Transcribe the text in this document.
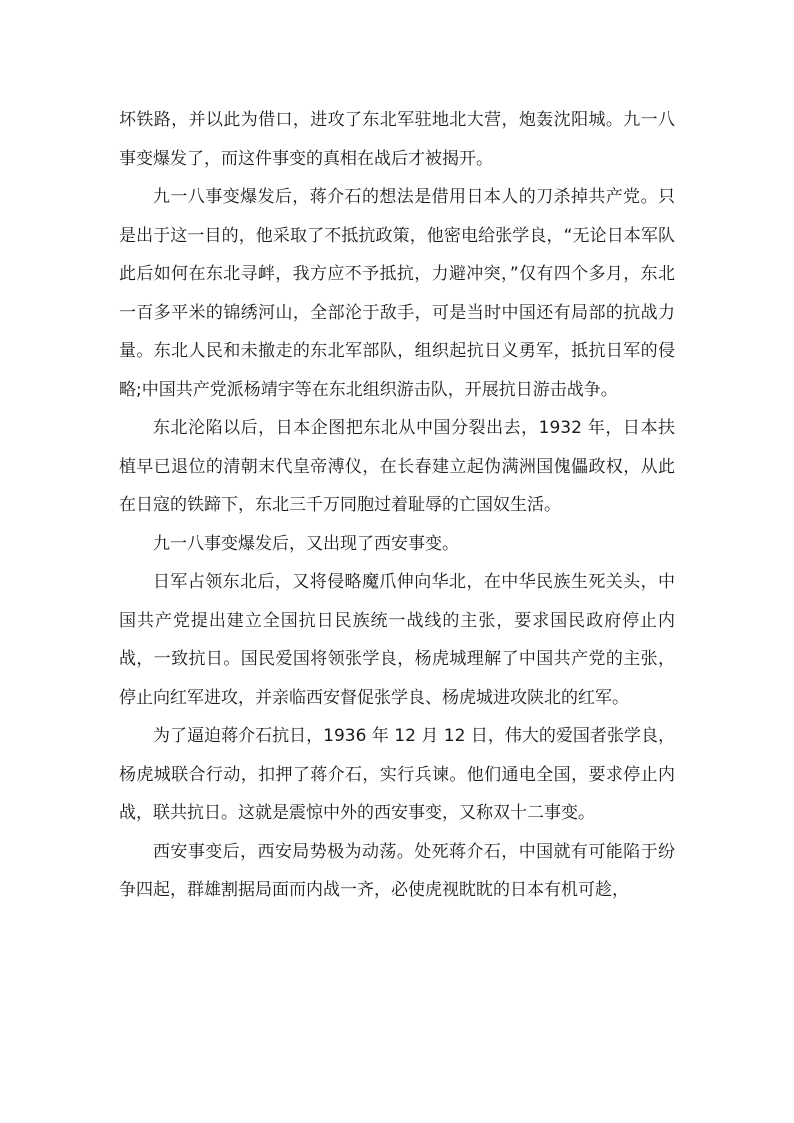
坏铁路，并以此为借口，进攻了东北军驻地北大营，炮轰沈阳城。九一八事变爆发了，而这件事变的真相在战后才被揭开。

九一八事变爆发后，蒋介石的想法是借用日本人的刀杀掉共产党。只是出于这一目的，他采取了不抵抗政策，他密电给张学良，“无论日本军队此后如何在东北寻衅，我方应不予抵抗，力避冲突，”仅有四个多月，东北一百多平米的锦绣河山，全部沦于敌手，可是当时中国还有局部的抗战力量。东北人民和未撤走的东北军部队，组织起抗日义勇军，抵抗日军的侵略;中国共产党派杨靖宇等在东北组织游击队，开展抗日游击战争。

东北沦陷以后，日本企图把东北从中国分裂出去，1932 年，日本扶植早已退位的清朝末代皇帝溥仪，在长春建立起伪满洲国傀儡政权，从此在日寇的铁蹄下，东北三千万同胞过着耻辱的亡国奴生活。

九一八事变爆发后，又出现了西安事变。

日军占领东北后，又将侵略魔爪伸向华北，在中华民族生死关头，中国共产党提出建立全国抗日民族统一战线的主张，要求国民政府停止内战，一致抗日。国民爱国将领张学良，杨虎城理解了中国共产党的主张，停止向红军进攻，并亲临西安督促张学良、杨虎城进攻陕北的红军。

为了逼迫蒋介石抗日，1936 年 12 月 12 日，伟大的爱国者张学良，杨虎城联合行动，扣押了蒋介石，实行兵谏。他们通电全国，要求停止内战，联共抗日。这就是震惊中外的西安事变，又称双十二事变。

西安事变后，西安局势极为动荡。处死蒋介石，中国就有可能陷于纷争四起，群雄割据局面而内战一齐，必使虎视眈眈的日本有机可趁，
